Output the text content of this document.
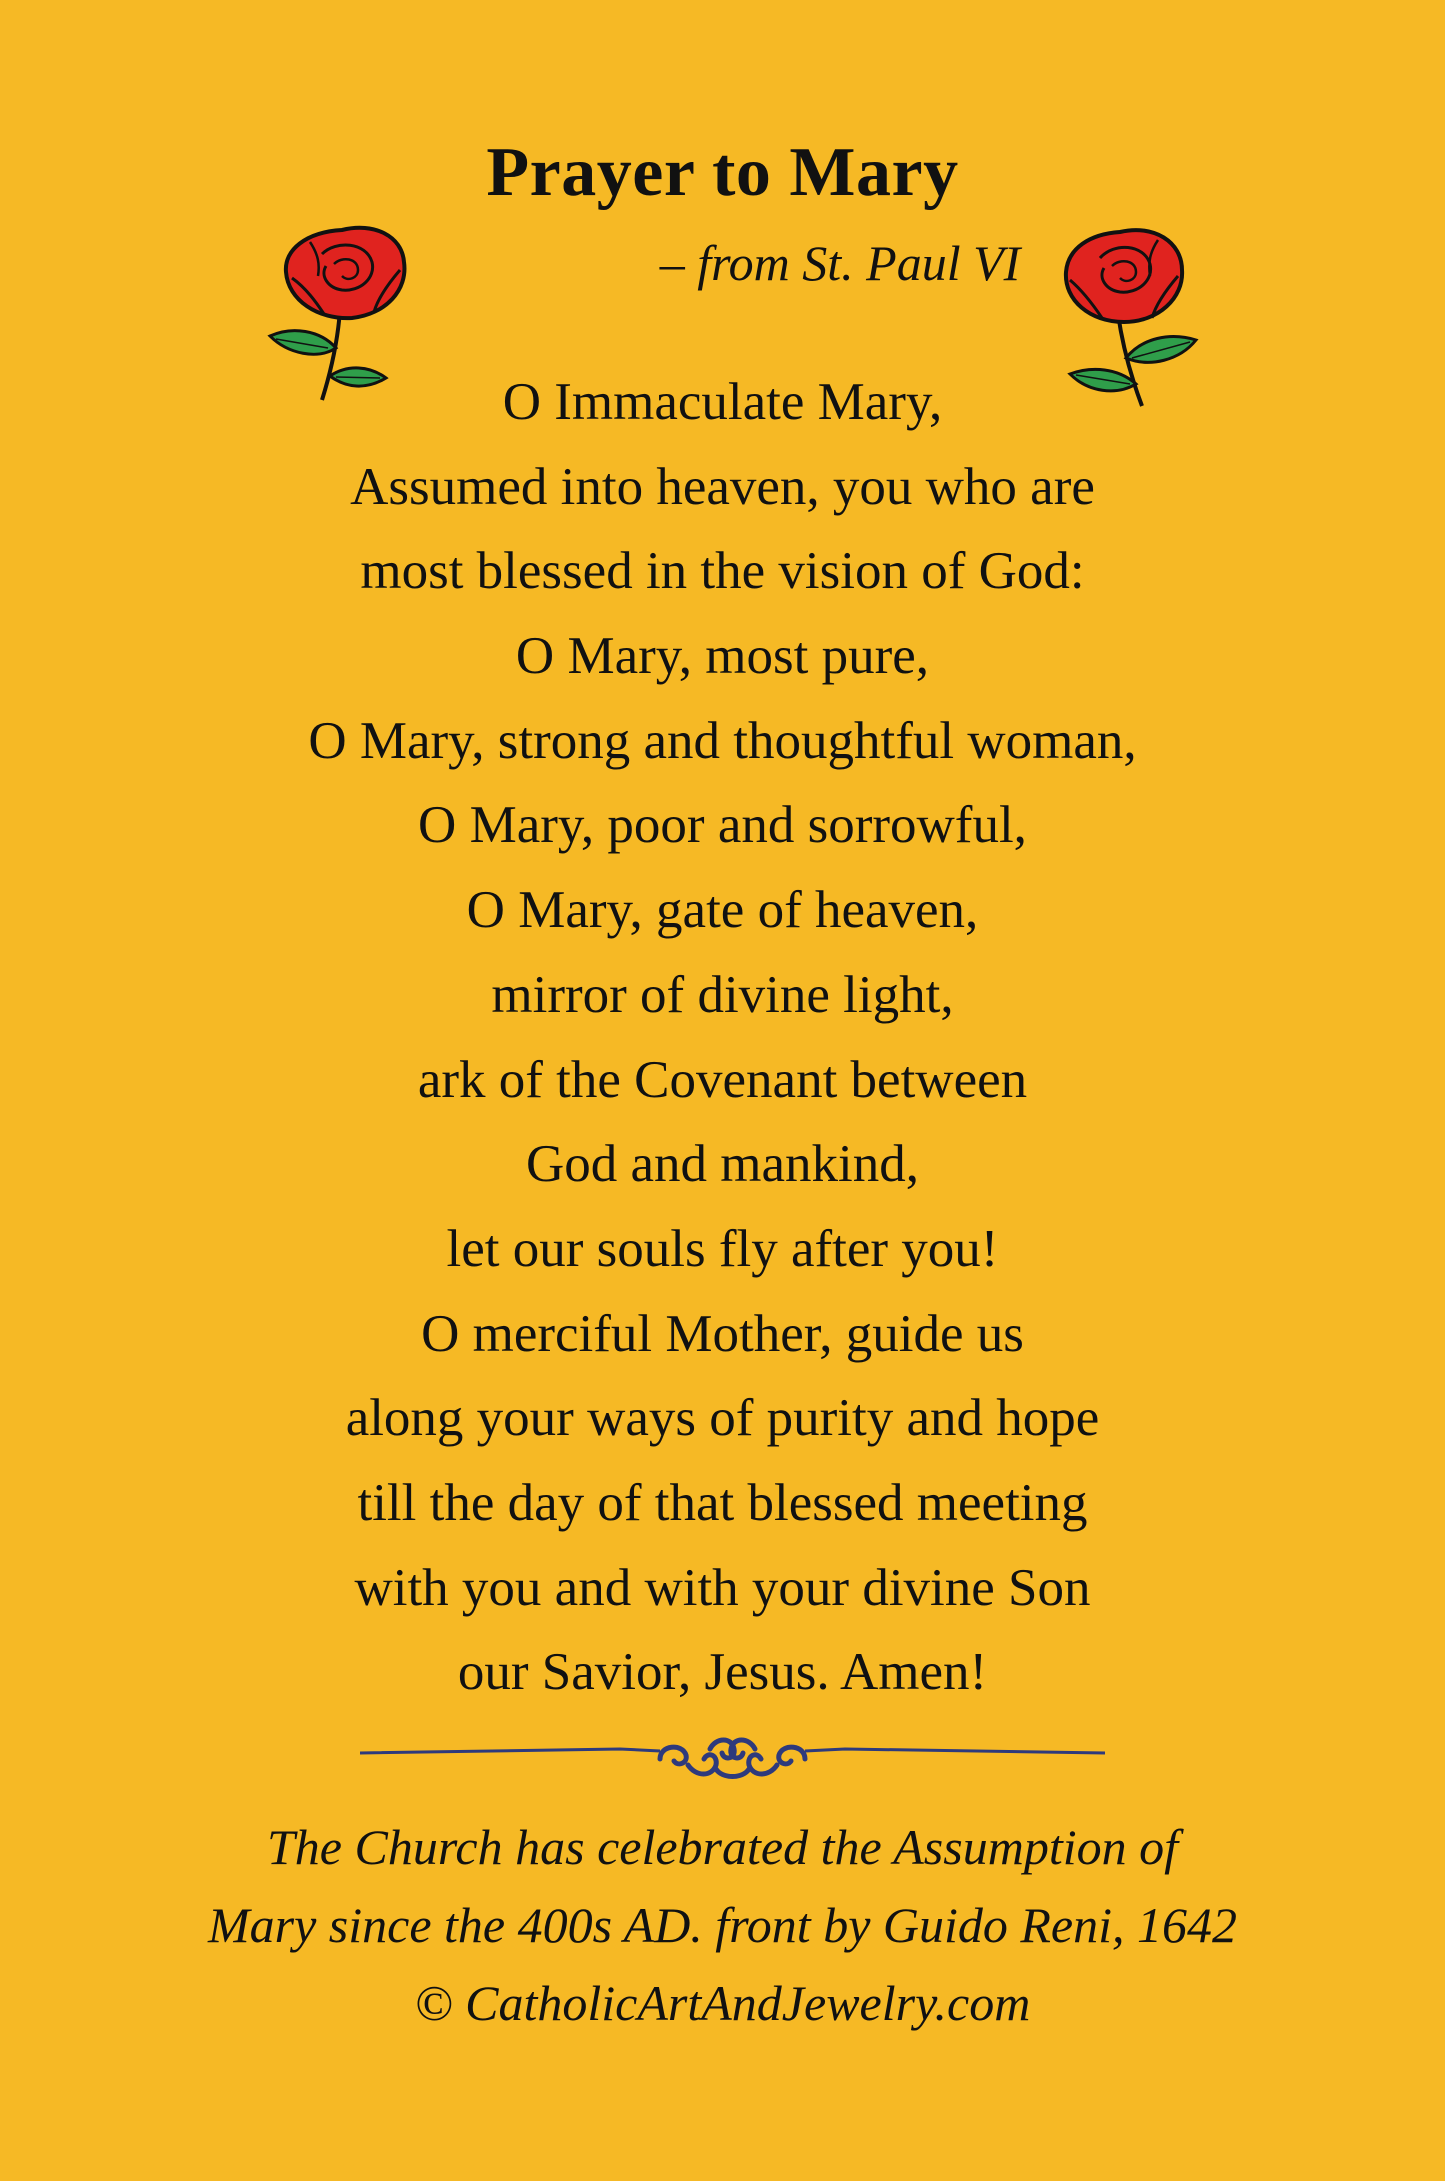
Prayer to Mary
– from St. Paul VI
O Immaculate Mary,
Assumed into heaven, you who are
most blessed in the vision of God:
O Mary, most pure,
O Mary, strong and thoughtful woman,
O Mary, poor and sorrowful,
O Mary, gate of heaven,
mirror of divine light,
ark of the Covenant between
God and mankind,
let our souls fly after you!
O merciful Mother, guide us
along your ways of purity and hope
till the day of that blessed meeting
with you and with your divine Son
our Savior, Jesus. Amen!
The Church has celebrated the Assumption of
Mary since the 400s AD. front by Guido Reni, 1642
© CatholicArtAndJewelry.com
